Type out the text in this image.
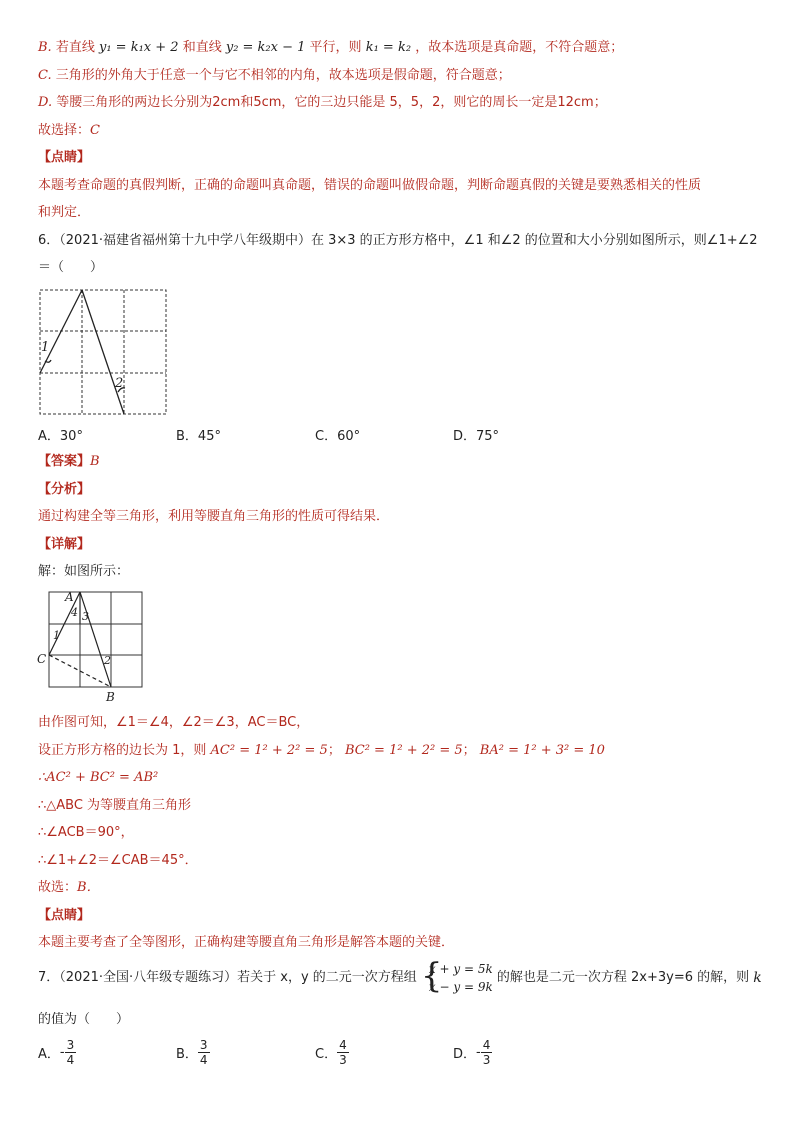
B. 若直线 y₁ = k₁x + 2 和直线 y₂ = k₂x − 1 平行，则 k₁ = k₂ ，故本选项是真命题，不符合题意；
C. 三角形的外角大于任意一个与它不相邻的内角，故本选项是假命题，符合题意；
D. 等腰三角形的两边长分别为2cm和5cm，它的三边只能是 5，5，2，则它的周长一定是12cm；
故选择：C
【点睛】
本题考查命题的真假判断，正确的命题叫真命题，错误的命题叫做假命题，判断命题真假的关键是要熟悉相关的性质
和判定．
6．（2021·福建省福州第十九中学八年级期中）在 3×3 的正方形方格中，∠1 和∠2 的位置和大小分别如图所示，则∠1+∠2
＝（　　）
1
2
A．30°	B．45°	C．60°	D．75°
【答案】B
【分析】
通过构建全等三角形，利用等腰直角三角形的性质可得结果．
【详解】
解：如图所示：
A
C
B
1
2
3
4
由作图可知，∠1＝∠4，∠2＝∠3，AC＝BC，
设正方形方格的边长为 1，则 AC² = 1² + 2² = 5； BC² = 1² + 2² = 5； BA² = 1² + 3² = 10
∴AC² + BC² = AB²
∴△ABC 为等腰直角三角形
∴∠ACB＝90°，
∴∠1+∠2＝∠CAB＝45°．
故选：B．
【点睛】
本题主要考查了全等图形，正确构建等腰直角三角形是解答本题的关键．
7．（2021·全国·八年级专题练习）若关于 x，y 的二元一次方程组 {
x + y = 5k
x − y = 9k
的解也是二元一次方程 2x+3y=6 的解，则 k
的值为（　　）
A．- $\frac{3}{4}$	B． $\frac{3}{4}$	C． $\frac{4}{3}$	D．- $\frac{4}{3}$
